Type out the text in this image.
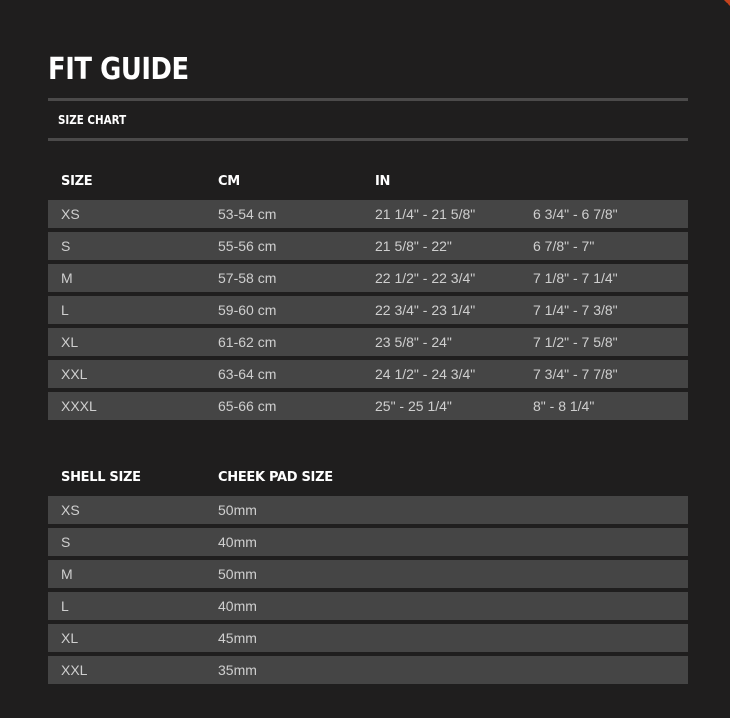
FIT GUIDE
SIZE CHART
SIZE	CM	IN
XS	53-54 cm	21 1/4" - 21 5/8"	6 3/4" - 6 7/8"
S	55-56 cm	21 5/8" - 22"	6 7/8" - 7"
M	57-58 cm	22 1/2" - 22 3/4"	7 1/8" - 7 1/4"
L	59-60 cm	22 3/4" - 23 1/4"	7 1/4" - 7 3/8"
XL	61-62 cm	23 5/8" - 24"	7 1/2" - 7 5/8"
XXL	63-64 cm	24 1/2" - 24 3/4"	7 3/4" - 7 7/8"
XXXL	65-66 cm	25" - 25 1/4"	8" - 8 1/4"
SHELL SIZE	CHEEK PAD SIZE
XS	50mm
S	40mm
M	50mm
L	40mm
XL	45mm
XXL	35mm
